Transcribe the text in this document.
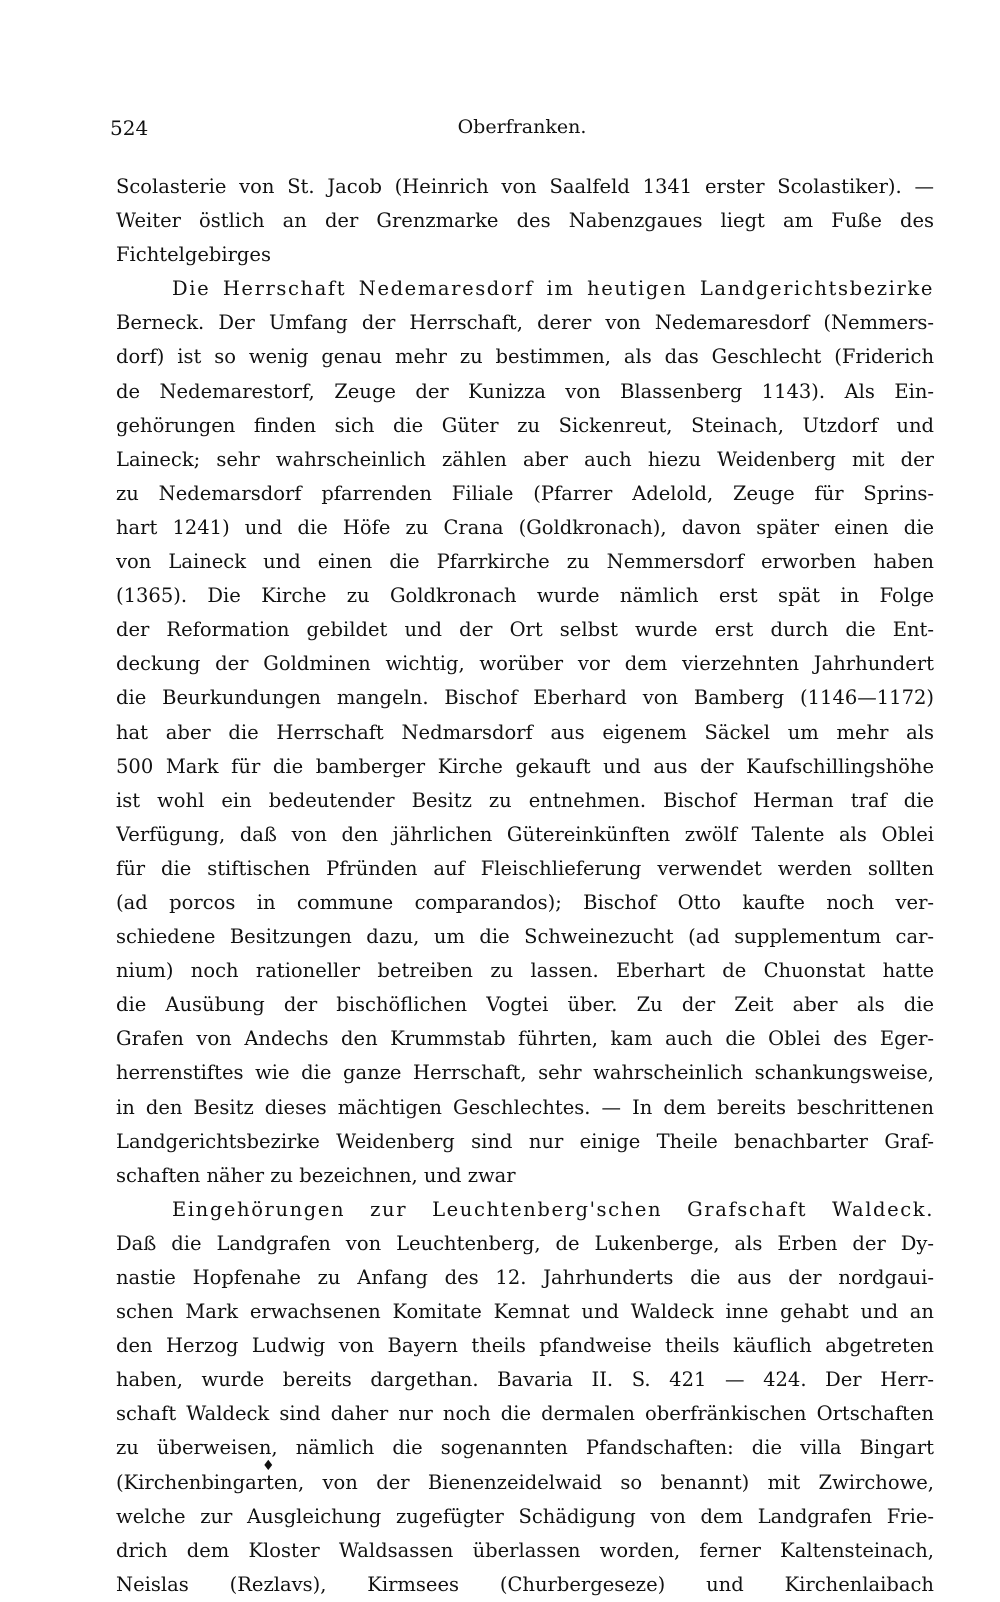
524	Oberfranken.
Scolasterie von St. Jacob (Heinrich von Saalfeld 1341 erster Scolastiker). —
Weiter östlich an der Grenzmarke des Nabenzgaues liegt am Fuße des
Fichtelgebirges
Die Herrschaft Nedemaresdorf im heutigen Landgerichtsbezirke
Berneck. Der Umfang der Herrschaft, derer von Nedemaresdorf (Nemmers-
dorf) ist so wenig genau mehr zu bestimmen, als das Geschlecht (Friderich
de Nedemarestorf, Zeuge der Kunizza von Blassenberg 1143). Als Ein-
gehörungen finden sich die Güter zu Sickenreut, Steinach, Utzdorf und
Laineck; sehr wahrscheinlich zählen aber auch hiezu Weidenberg mit der
zu Nedemarsdorf pfarrenden Filiale (Pfarrer Adelold, Zeuge für Sprins-
hart 1241) und die Höfe zu Crana (Goldkronach), davon später einen die
von Laineck und einen die Pfarrkirche zu Nemmersdorf erworben haben
(1365). Die Kirche zu Goldkronach wurde nämlich erst spät in Folge
der Reformation gebildet und der Ort selbst wurde erst durch die Ent-
deckung der Goldminen wichtig, worüber vor dem vierzehnten Jahrhundert
die Beurkundungen mangeln. Bischof Eberhard von Bamberg (1146—1172)
hat aber die Herrschaft Nedmarsdorf aus eigenem Säckel um mehr als
500 Mark für die bamberger Kirche gekauft und aus der Kaufschillingshöhe
ist wohl ein bedeutender Besitz zu entnehmen. Bischof Herman traf die
Verfügung, daß von den jährlichen Gütereinkünften zwölf Talente als Oblei
für die stiftischen Pfründen auf Fleischlieferung verwendet werden sollten
(ad porcos in commune comparandos); Bischof Otto kaufte noch ver-
schiedene Besitzungen dazu, um die Schweinezucht (ad supplementum car-
nium) noch rationeller betreiben zu lassen. Eberhart de Chuonstat hatte
die Ausübung der bischöflichen Vogtei über. Zu der Zeit aber als die
Grafen von Andechs den Krummstab führten, kam auch die Oblei des Eger-
herrenstiftes wie die ganze Herrschaft, sehr wahrscheinlich schankungsweise,
in den Besitz dieses mächtigen Geschlechtes. — In dem bereits beschrittenen
Landgerichtsbezirke Weidenberg sind nur einige Theile benachbarter Graf-
schaften näher zu bezeichnen, und zwar
Eingehörungen zur Leuchtenberg'schen Grafschaft Waldeck.
Daß die Landgrafen von Leuchtenberg, de Lukenberge, als Erben der Dy-
nastie Hopfenahe zu Anfang des 12. Jahrhunderts die aus der nordgaui-
schen Mark erwachsenen Komitate Kemnat und Waldeck inne gehabt und an
den Herzog Ludwig von Bayern theils pfandweise theils käuflich abgetreten
haben, wurde bereits dargethan. Bavaria II. S. 421 — 424. Der Herr-
schaft Waldeck sind daher nur noch die dermalen oberfränkischen Ortschaften
zu überweisen, nämlich die sogenannten Pfandschaften: die villa Bingart
(Kirchenbingarten, von der Bienenzeidelwaid so benannt) mit Zwirchowe,
welche zur Ausgleichung zugefügter Schädigung von dem Landgrafen Frie-
drich dem Kloster Waldsassen überlassen worden, ferner Kaltensteinach,
Neislas (Rezlavs), Kirmsees (Churbergeseze) und Kirchenlaibach
♦
